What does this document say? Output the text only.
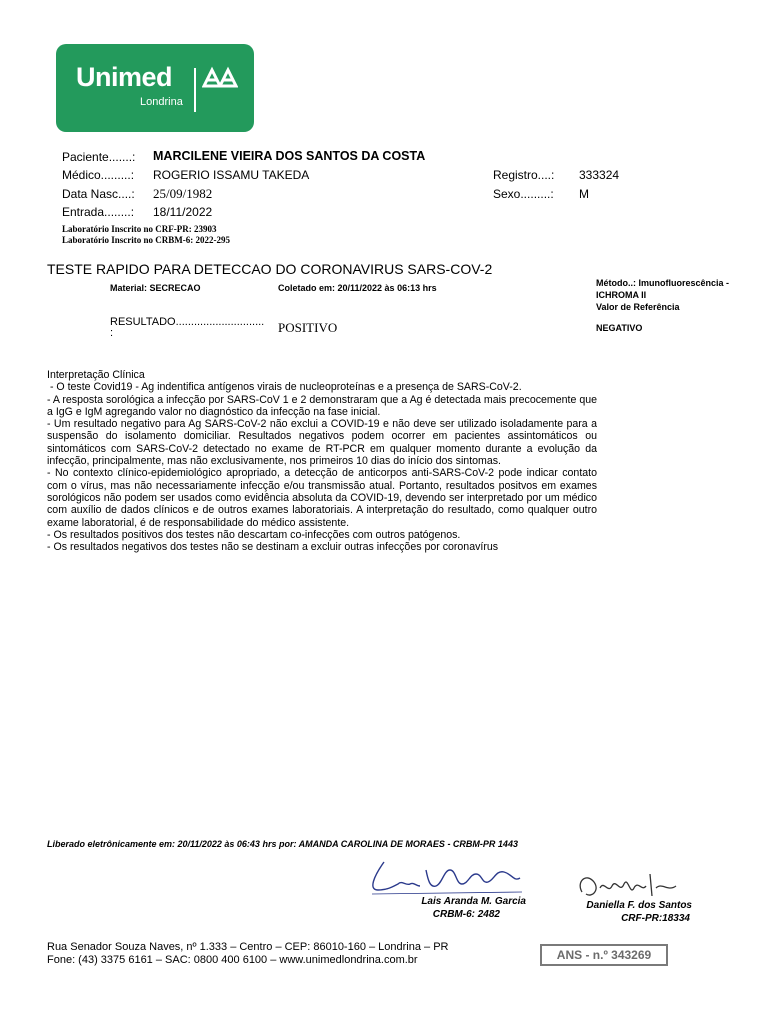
Unimed
Londrina
Paciente.......: MARCILENE VIEIRA DOS SANTOS DA COSTA
Médico.........: ROGERIO ISSAMU TAKEDA
Data Nasc....: 25/09/1982
Entrada........: 18/11/2022
Registro....: 333324
Sexo.........: M
Laboratório Inscrito no CRF-PR: 23903
Laboratório Inscrito no CRBM-6: 2022-295
TESTE RAPIDO PARA DETECCAO DO CORONAVIRUS SARS-COV-2
Material: SECRECAO	Coletado em: 20/11/2022 às 06:13 hrs	Método..: Imunofluorescência -
ICHROMA II
Valor de Referência
RESULTADO.............................
:	POSITIVO	NEGATIVO

Interpretação Clínica

- O teste Covid19 - Ag indentifica antígenos virais de nucleoproteínas e a presença de SARS-CoV-2.

- A resposta sorológica a infecção por SARS-CoV 1 e 2 demonstraram que a Ag é detectada mais precocemente que a IgG e IgM agregando valor no diagnóstico da infecção na fase inicial.

- Um resultado negativo para Ag SARS-CoV-2 não exclui a COVID-19 e não deve ser utilizado isoladamente para a suspensão do isolamento domiciliar. Resultados negativos podem ocorrer em pacientes assintomáticos ou sintomáticos com SARS-CoV-2 detectado no exame de RT-PCR em qualquer momento durante a evolução da infecção, principalmente, mas não exclusivamente, nos primeiros 10 dias do início dos sintomas.

- No contexto clínico-epidemiológico apropriado, a detecção de anticorpos anti-SARS-CoV-2 pode indicar contato com o vírus, mas não necessariamente infecção e/ou transmissão atual. Portanto, resultados positvos em exames sorológicos não podem ser usados como evidência absoluta da COVID-19, devendo ser interpretado por um médico com auxílio de dados clínicos e de outros exames laboratoriais. A interpretação do resultado, como qualquer outro exame laboratorial, é de responsabilidade do médico assistente.

- Os resultados positivos dos testes não descartam co-infecções com outros patógenos.

- Os resultados negativos dos testes não se destinam a excluir outras infecções por coronavírus

Liberado eletrônicamente em: 20/11/2022 às 06:43 hrs por: AMANDA CAROLINA DE MORAES - CRBM-PR 1443
Lais Aranda M. Garcia
CRBM-6: 2482
Daniella F. dos Santos
CRF-PR:18334
Rua Senador Souza Naves, nº 1.333 – Centro – CEP: 86010-160 – Londrina – PR
Fone: (43) 3375 6161 – SAC: 0800 400 6100 – www.unimedlondrina.com.br	ANS - n.º 343269
